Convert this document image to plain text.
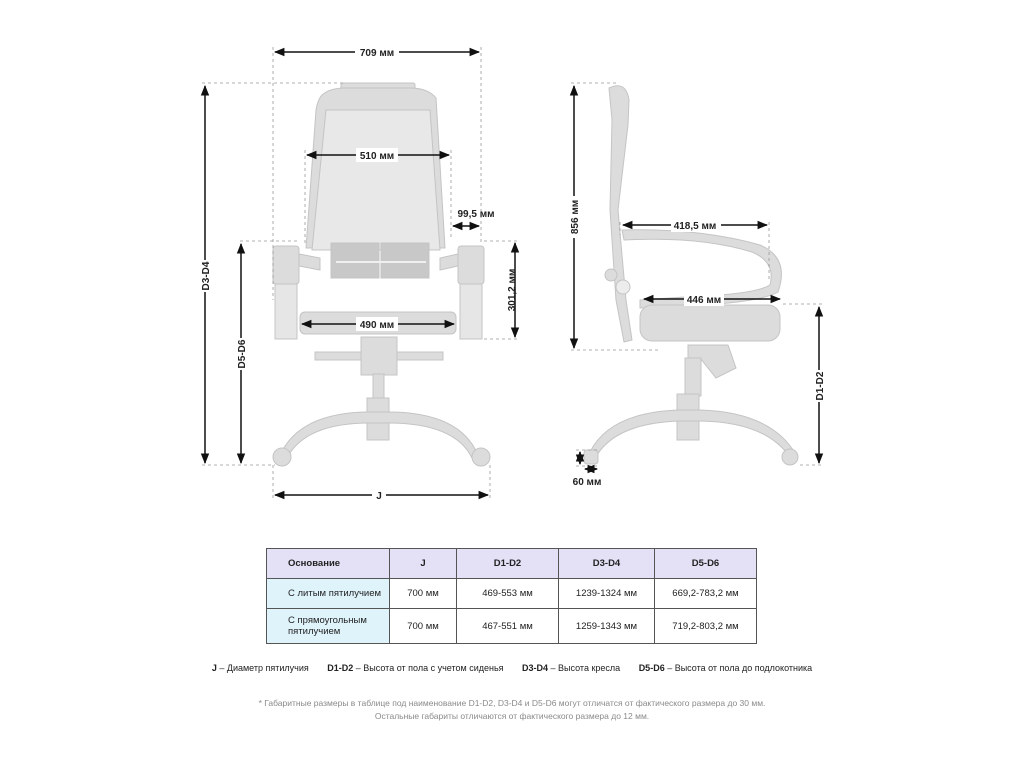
709 мм
510 мм
99,5 мм
301,2 мм
490 мм
D3-D4
D5-D6
J
856 мм	418,5 мм
446 мм
D1-D2
60 мм
Основание	J	D1-D2	D3-D4	D5-D6
С литым пятилучием	700 мм	469-553 мм	1239-1324 мм	669,2-783,2 мм
С прямоугольным пятилучием	700 мм	467-551 мм	1259-1343 мм	719,2-803,2 мм
J – Диаметр пятилучия D1-D2 – Высота от пола с учетом сиденья D3-D4 – Высота кресла D5-D6 – Высота от пола до подлокотника
* Габаритные размеры в таблице под наименование D1-D2, D3-D4 и D5-D6 могут отличатся от фактического размера до 30 мм.
Остальные габариты отличаются от фактического размера до 12 мм.
